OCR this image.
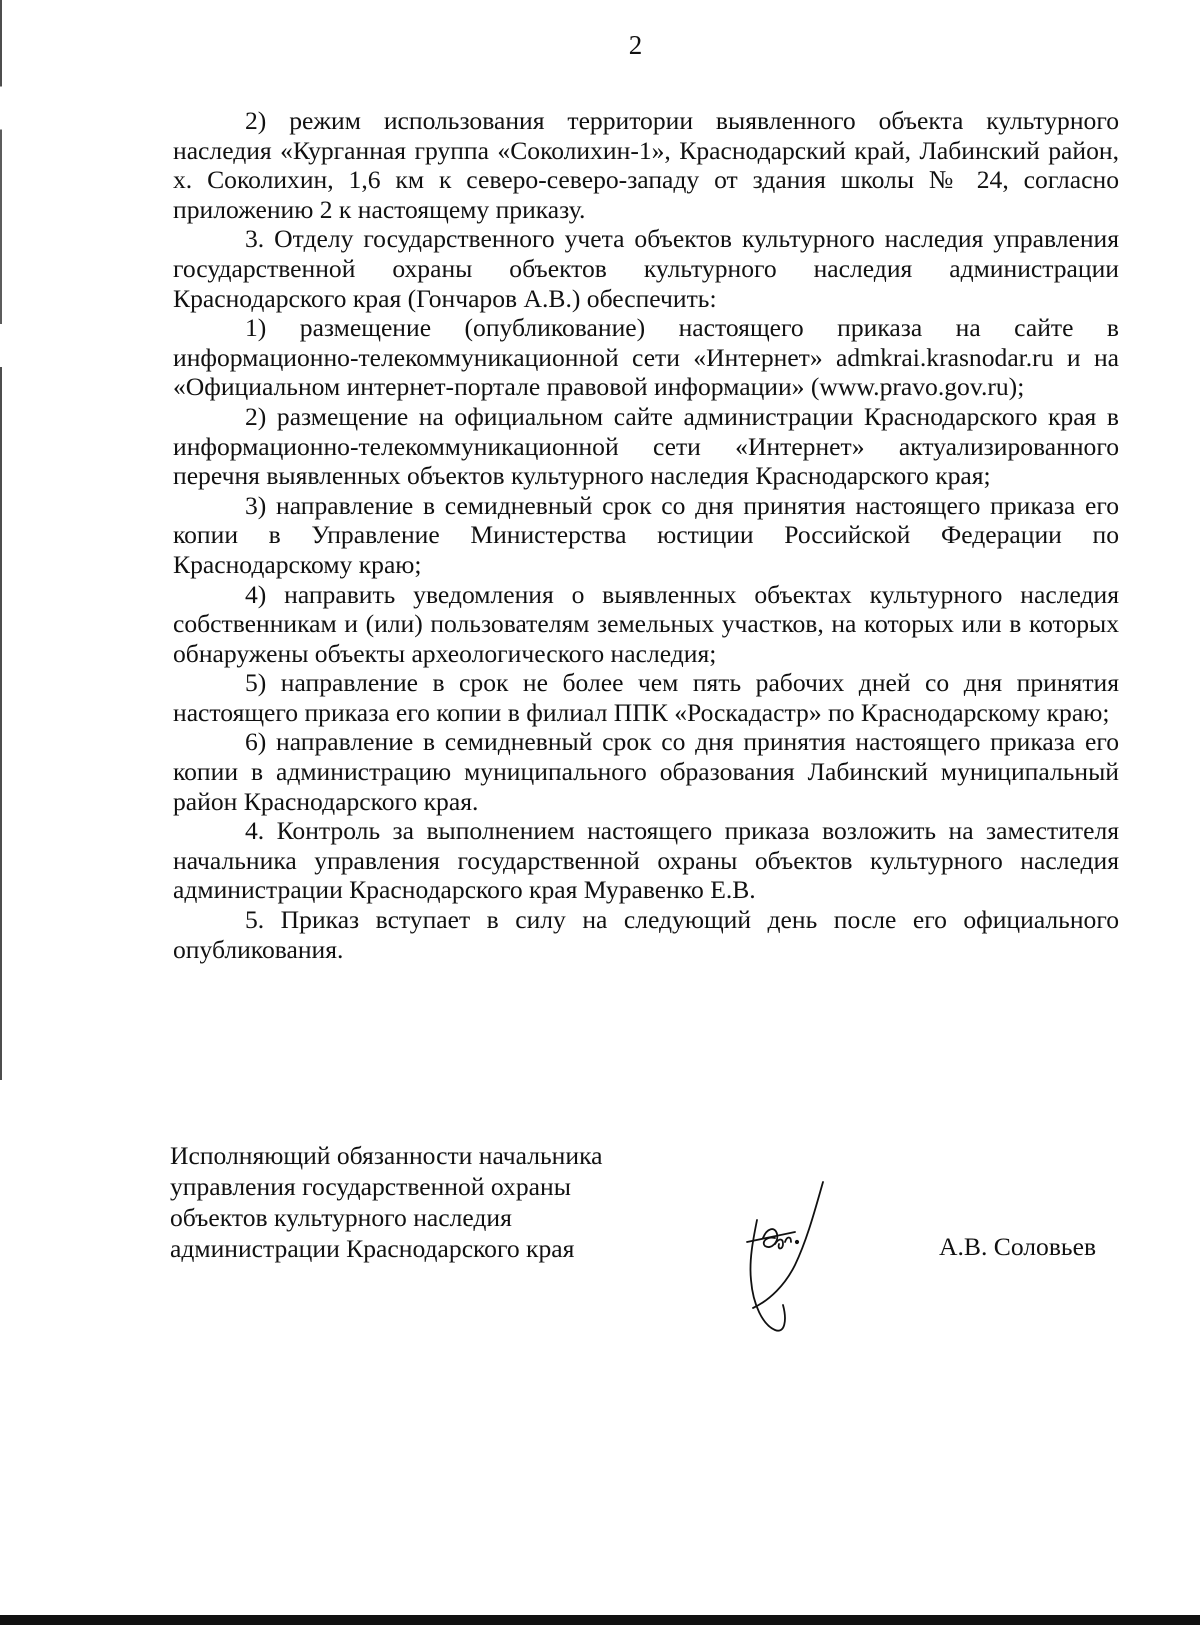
2

2) режим использования территории выявленного объекта культурного наследия «Курганная группа «Соколихин-1», Краснодарский край, Лабинский район, х. Соколихин, 1,6 км к северо-северо-западу от здания школы № 24, согласно приложению 2 к настоящему приказу.

3. Отделу государственного учета объектов культурного наследия управления государственной охраны объектов культурного наследия администрации Краснодарского края (Гончаров А.В.) обеспечить:

1) размещение (опубликование) настоящего приказа на сайте в информационно-телекоммуникационной сети «Интернет» admkrai.krasnodar.ru и на «Официальном интернет-портале правовой информации» (www.pravo.gov.ru);

2) размещение на официальном сайте администрации Краснодарского края в информационно-телекоммуникационной сети «Интернет» актуализированного перечня выявленных объектов культурного наследия Краснодарского края;

3) направление в семидневный срок со дня принятия настоящего приказа его копии в Управление Министерства юстиции Российской Федерации по Краснодарскому краю;

4) направить уведомления о выявленных объектах культурного наследия собственникам и (или) пользователям земельных участков, на которых или в которых обнаружены объекты археологического наследия;

5) направление в срок не более чем пять рабочих дней со дня принятия настоящего приказа его копии в филиал ППК «Роскадастр» по Краснодарскому краю;

6) направление в семидневный срок со дня принятия настоящего приказа его копии в администрацию муниципального образования Лабинский муниципальный район Краснодарского края.

4. Контроль за выполнением настоящего приказа возложить на заместителя начальника управления государственной охраны объектов культурного наследия администрации Краснодарского края Муравенко Е.В.

5. Приказ вступает в силу на следующий день после его официального опубликования.

Исполняющий обязанности начальника
управления государственной охраны
объектов культурного наследия
администрации Краснодарского края	А.В. Соловьев
